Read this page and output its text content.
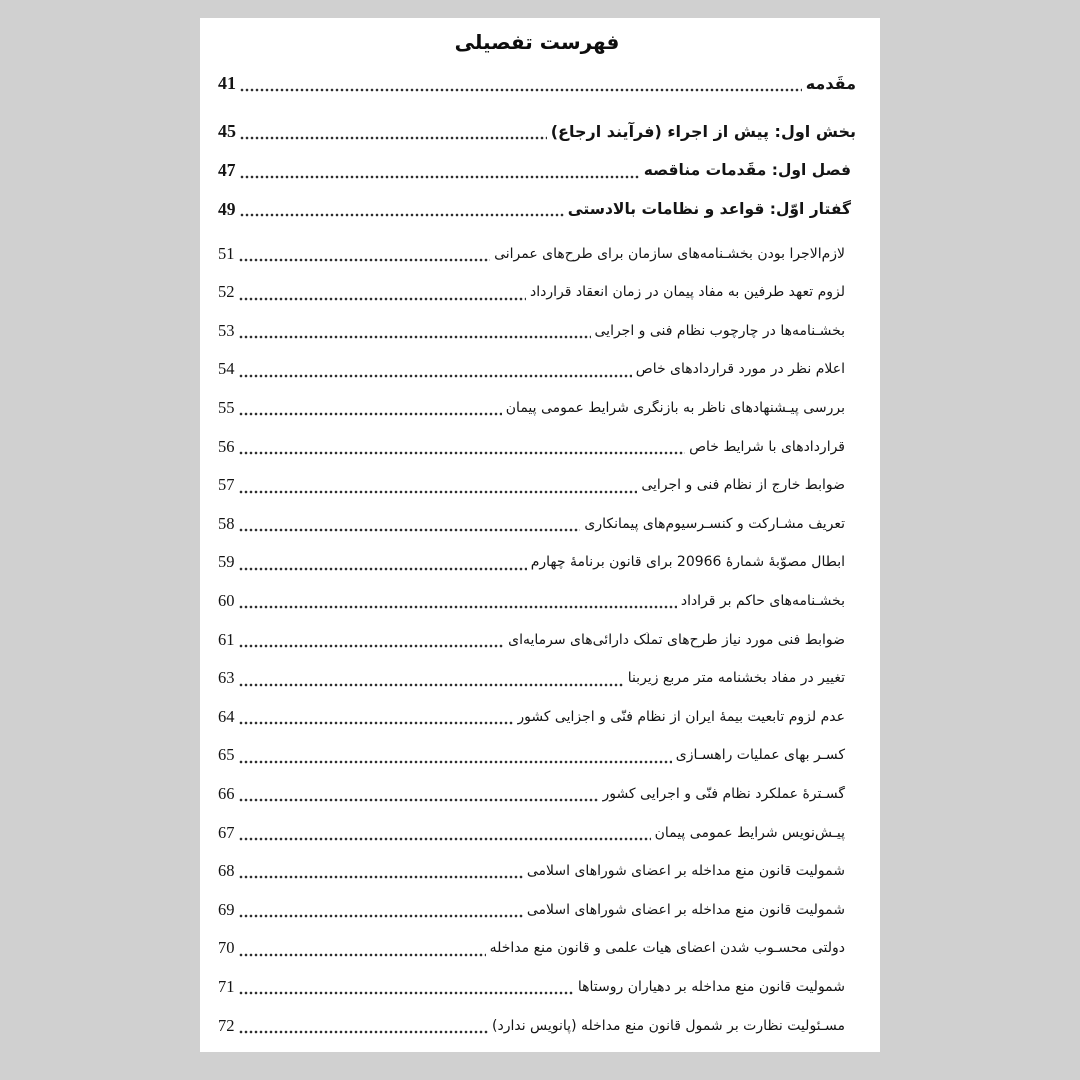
فهرست تفصیلی
مقَدمه
41
بخش اول: پیش از اجراء (فرآیند ارجاع)
45
فصل اول: مقَدمات مناقصه
47
گفتار اوّل: قواعد و نظامات بالادستی
49
لازم‌الاجرا بودن بخشـنامه‌های سازمان برای طرح‌های عمرانی
51
لزوم تعهد طرفین به مفاد پیمان در زمان انعقاد قرارداد
52
بخشـنامه‌ها در چارچوب نظام فنی و اجرایی
53
اعلام نظر در مورد قراردادهای خاص
54
بررسی پیـشنهادهای ناظر به بازنگری شرایط عمومی پیمان
55
قراردادهای با شرایط خاص
56
ضوابط خارج از نظام فنی و اجرایی
57
تعریف مشـارکت و کنسـرسیوم‌های پیمانکاری
58
ابطال مصوّبهٔ شمارهٔ 20966 برای قانون برنامهٔ چهارم
59
بخشـنامه‌های حاکم بر قراداد
60
ضوابط فنی مورد نیاز طرح‌های تملّک دارائی‌های سرمایه‌ای
61
تغییر در مفاد بخشنامه متر مربع زیربنا
63
عدم لزوم تابعیت بیمهٔ ایران از نظام فنّی و اجزایی کشور
64
کسـر بهای عملیات راهسـازی
65
گسـترهٔ عملکرد نظام فنّی و اجرایی کشور
66
پیـش‌نویس شرایط عمومی پیمان
67
شمولیت قانون منع مداخله بر اعضای شوراهای اسلامی
68
شمولیت قانون منع مداخله بر اعضای شوراهای اسلامی
69
دولتی محسـوب شدن اعضای هیات علمی و قانون منع مداخله
70
شمولیت قانون منع مداخله بر دهیاران روستاها
71
مسـئولیت نظارت بر شمول قانون منع مداخله (پانویس ندارد)
72
